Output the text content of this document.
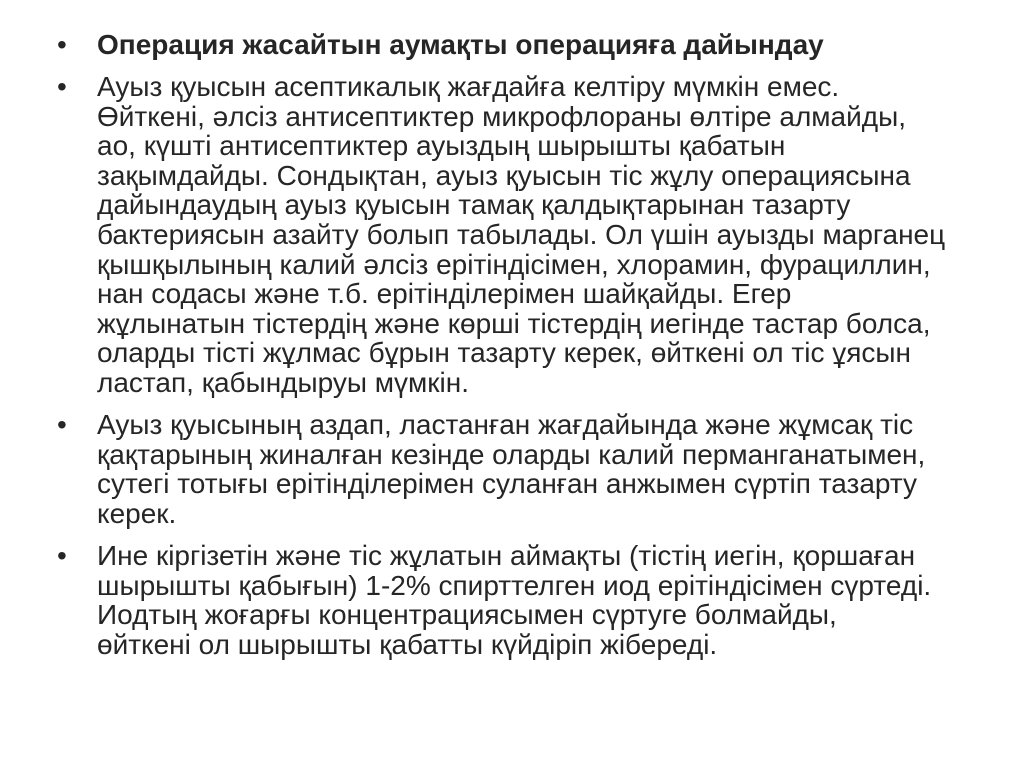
• Операция жасайтын аумақты операцияға дайындау
• Ауыз қуысын асептикалық жағдайға келтіру мүмкін емес.
Өйткені, әлсіз антисептиктер микрофлораны өлтіре алмайды,
ао, күшті антисептиктер ауыздың шырышты қабатын
зақымдайды. Сондықтан, ауыз қуысын тіс жұлу операциясына
дайындаудың ауыз қуысын тамақ қалдықтарынан тазарту
бактериясын азайту болып табылады. Ол үшін ауызды марганец
қышқылының калий әлсіз ерітіндісімен, хлорамин, фурациллин,
нан содасы және т.б. ерітінділерімен шайқайды. Егер
жұлынатын тістердің және көрші тістердің иегінде тастар болса,
оларды тісті жұлмас бұрын тазарту керек, өйткені ол тіс ұясын
ластап, қабындыруы мүмкін.
• Ауыз қуысының аздап, ластанған жағдайында және жұмсақ тіс
қақтарының жиналған кезінде оларды калий перманганатымен,
сутегі тотығы ерітінділерімен суланған анжымен сүртіп тазарту
керек.
• Ине кіргізетін және тіс жұлатын аймақты (тістің иегін, қоршаған
шырышты қабығын) 1-2% спирттелген иод ерітіндісімен сүртеді.
Иодтың жоғарғы концентрациясымен сүртуге болмайды,
өйткені ол шырышты қабатты күйдіріп жібереді.
